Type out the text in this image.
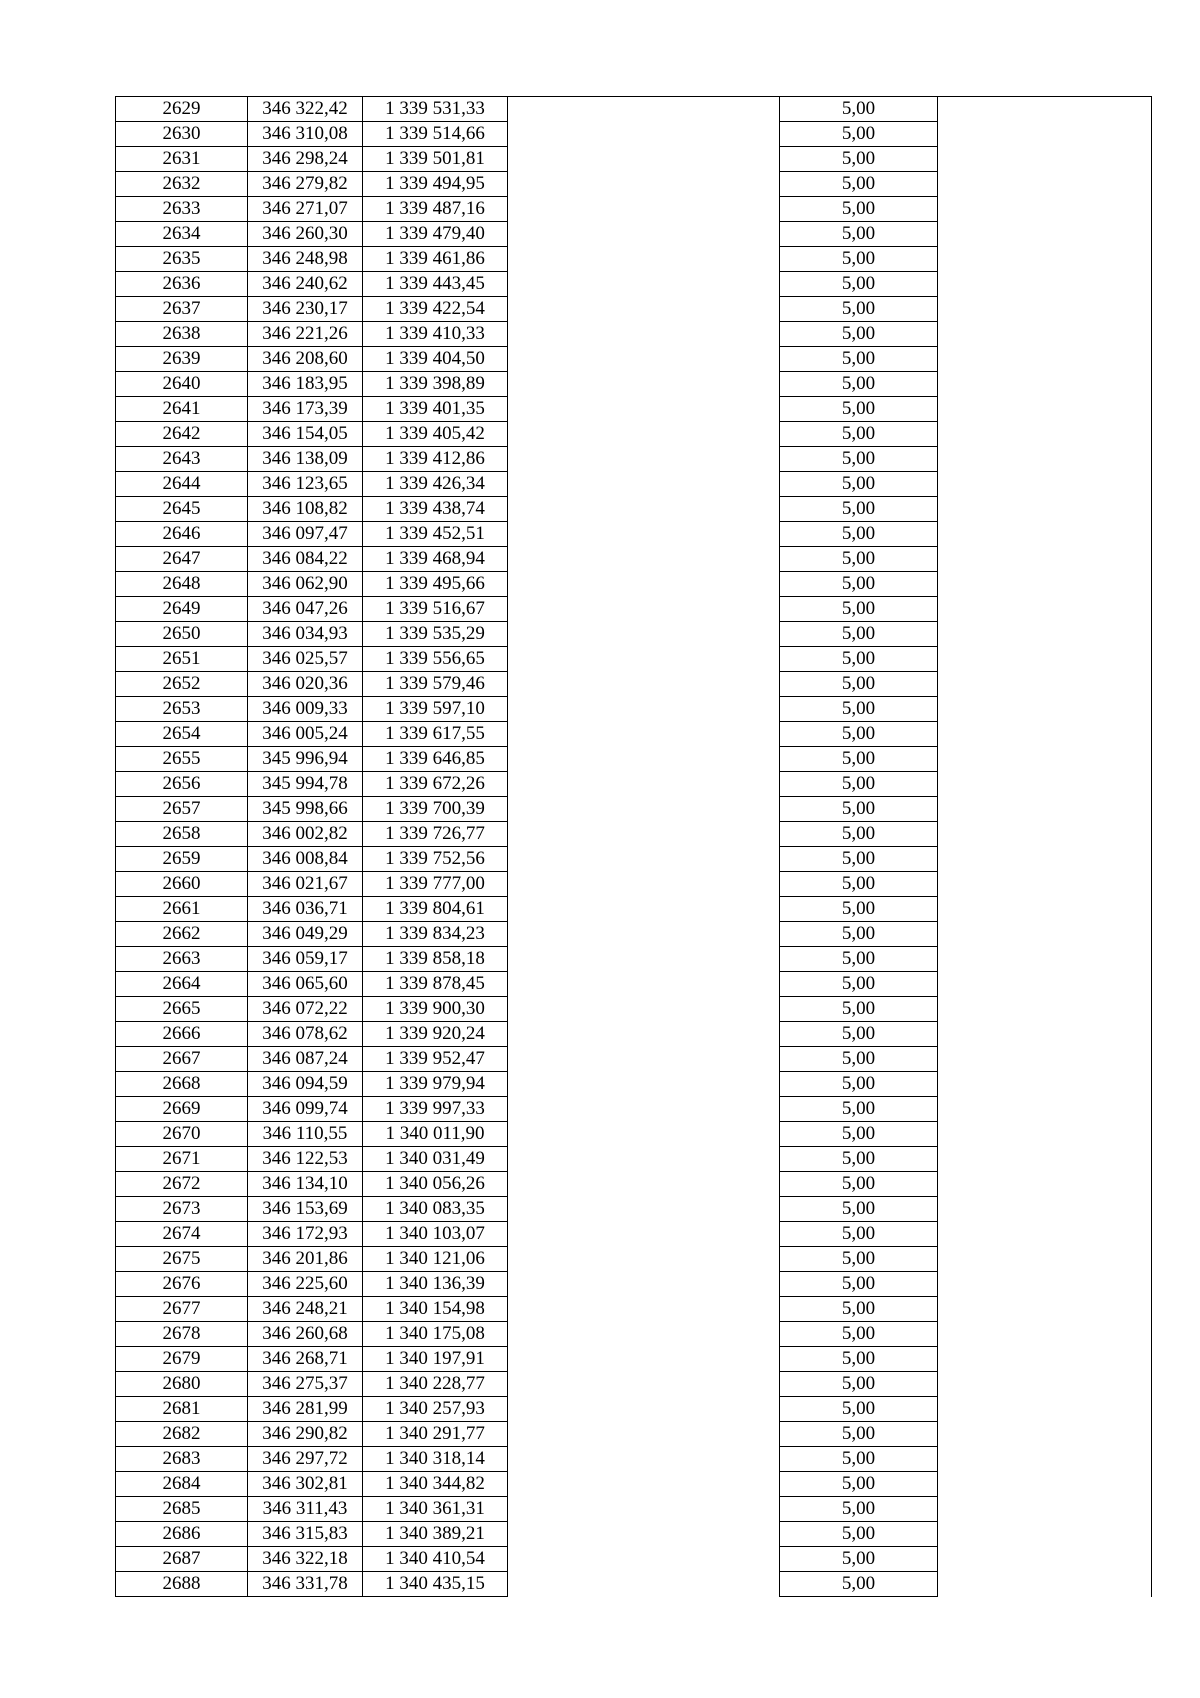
2629	346 322,42	1 339 531,33		5,00	
2630	346 310,08	1 339 514,66		5,00	
2631	346 298,24	1 339 501,81		5,00	
2632	346 279,82	1 339 494,95		5,00	
2633	346 271,07	1 339 487,16		5,00	
2634	346 260,30	1 339 479,40		5,00	
2635	346 248,98	1 339 461,86		5,00	
2636	346 240,62	1 339 443,45		5,00	
2637	346 230,17	1 339 422,54		5,00	
2638	346 221,26	1 339 410,33		5,00	
2639	346 208,60	1 339 404,50		5,00	
2640	346 183,95	1 339 398,89		5,00	
2641	346 173,39	1 339 401,35		5,00	
2642	346 154,05	1 339 405,42		5,00	
2643	346 138,09	1 339 412,86		5,00	
2644	346 123,65	1 339 426,34		5,00	
2645	346 108,82	1 339 438,74		5,00	
2646	346 097,47	1 339 452,51		5,00	
2647	346 084,22	1 339 468,94		5,00	
2648	346 062,90	1 339 495,66		5,00	
2649	346 047,26	1 339 516,67		5,00	
2650	346 034,93	1 339 535,29		5,00	
2651	346 025,57	1 339 556,65		5,00	
2652	346 020,36	1 339 579,46		5,00	
2653	346 009,33	1 339 597,10		5,00	
2654	346 005,24	1 339 617,55		5,00	
2655	345 996,94	1 339 646,85		5,00	
2656	345 994,78	1 339 672,26		5,00	
2657	345 998,66	1 339 700,39		5,00	
2658	346 002,82	1 339 726,77		5,00	
2659	346 008,84	1 339 752,56		5,00	
2660	346 021,67	1 339 777,00		5,00	
2661	346 036,71	1 339 804,61		5,00	
2662	346 049,29	1 339 834,23		5,00	
2663	346 059,17	1 339 858,18		5,00	
2664	346 065,60	1 339 878,45		5,00	
2665	346 072,22	1 339 900,30		5,00	
2666	346 078,62	1 339 920,24		5,00	
2667	346 087,24	1 339 952,47		5,00	
2668	346 094,59	1 339 979,94		5,00	
2669	346 099,74	1 339 997,33		5,00	
2670	346 110,55	1 340 011,90		5,00	
2671	346 122,53	1 340 031,49		5,00	
2672	346 134,10	1 340 056,26		5,00	
2673	346 153,69	1 340 083,35		5,00	
2674	346 172,93	1 340 103,07		5,00	
2675	346 201,86	1 340 121,06		5,00	
2676	346 225,60	1 340 136,39		5,00	
2677	346 248,21	1 340 154,98		5,00	
2678	346 260,68	1 340 175,08		5,00	
2679	346 268,71	1 340 197,91		5,00	
2680	346 275,37	1 340 228,77		5,00	
2681	346 281,99	1 340 257,93		5,00	
2682	346 290,82	1 340 291,77		5,00	
2683	346 297,72	1 340 318,14		5,00	
2684	346 302,81	1 340 344,82		5,00	
2685	346 311,43	1 340 361,31		5,00	
2686	346 315,83	1 340 389,21		5,00	
2687	346 322,18	1 340 410,54		5,00	
2688	346 331,78	1 340 435,15		5,00	
